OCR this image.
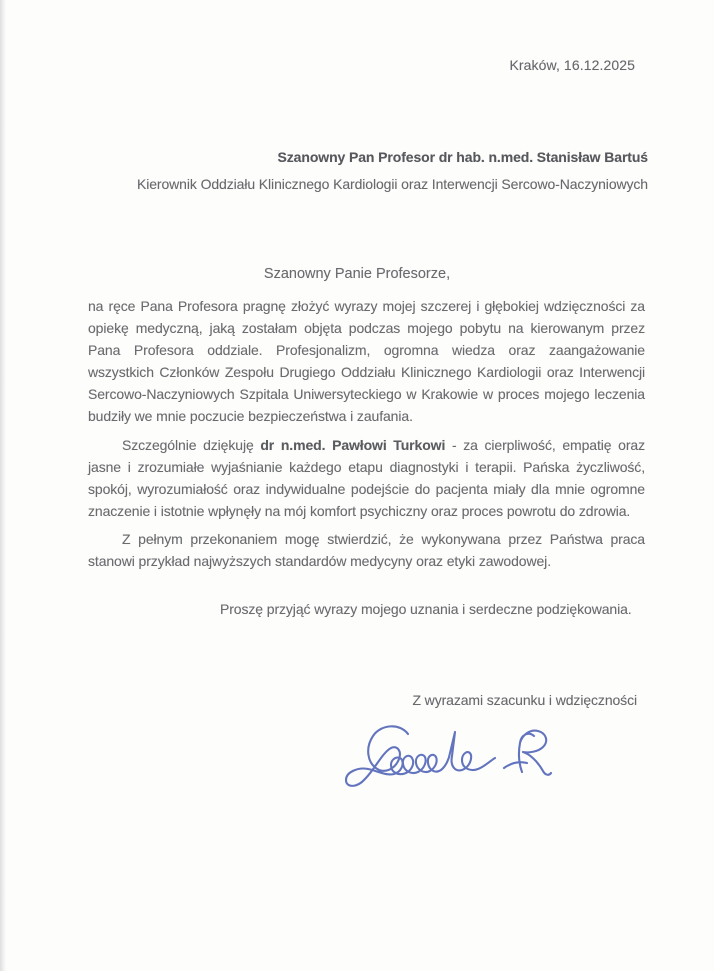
Kraków, 16.12.2025
Szanowny Pan Profesor dr hab. n.med. Stanisław Bartuś
Kierownik Oddziału Klinicznego Kardiologii oraz Interwencji Sercowo-Naczyniowych
Szanowny Panie Profesorze,

na ręce Pana Profesora pragnę złożyć wyrazy mojej szczerej i głębokiej wdzięczności za opiekę medyczną, jaką zostałam objęta podczas mojego pobytu na kierowanym przez Pana Profesora oddziale. Profesjonalizm, ogromna wiedza oraz zaangażowanie wszystkich Członków Zespołu Drugiego Oddziału Klinicznego Kardiologii oraz Interwencji Sercowo-Naczyniowych Szpitala Uniwersyteckiego w Krakowie w proces mojego leczenia budziły we mnie poczucie bezpieczeństwa i zaufania.

Szczególnie dziękuję dr n.med. Pawłowi Turkowi - za cierpliwość, empatię oraz jasne i zrozumiałe wyjaśnianie każdego etapu diagnostyki i terapii. Pańska życzliwość, spokój, wyrozumiałość oraz indywidualne podejście do pacjenta miały dla mnie ogromne znaczenie i istotnie wpłynęły na mój komfort psychiczny oraz proces powrotu do zdrowia.

Z pełnym przekonaniem mogę stwierdzić, że wykonywana przez Państwa praca stanowi przykład najwyższych standardów medycyny oraz etyki zawodowej.

Proszę przyjąć wyrazy mojego uznania i serdeczne podziękowania.
Z wyrazami szacunku i wdzięczności
